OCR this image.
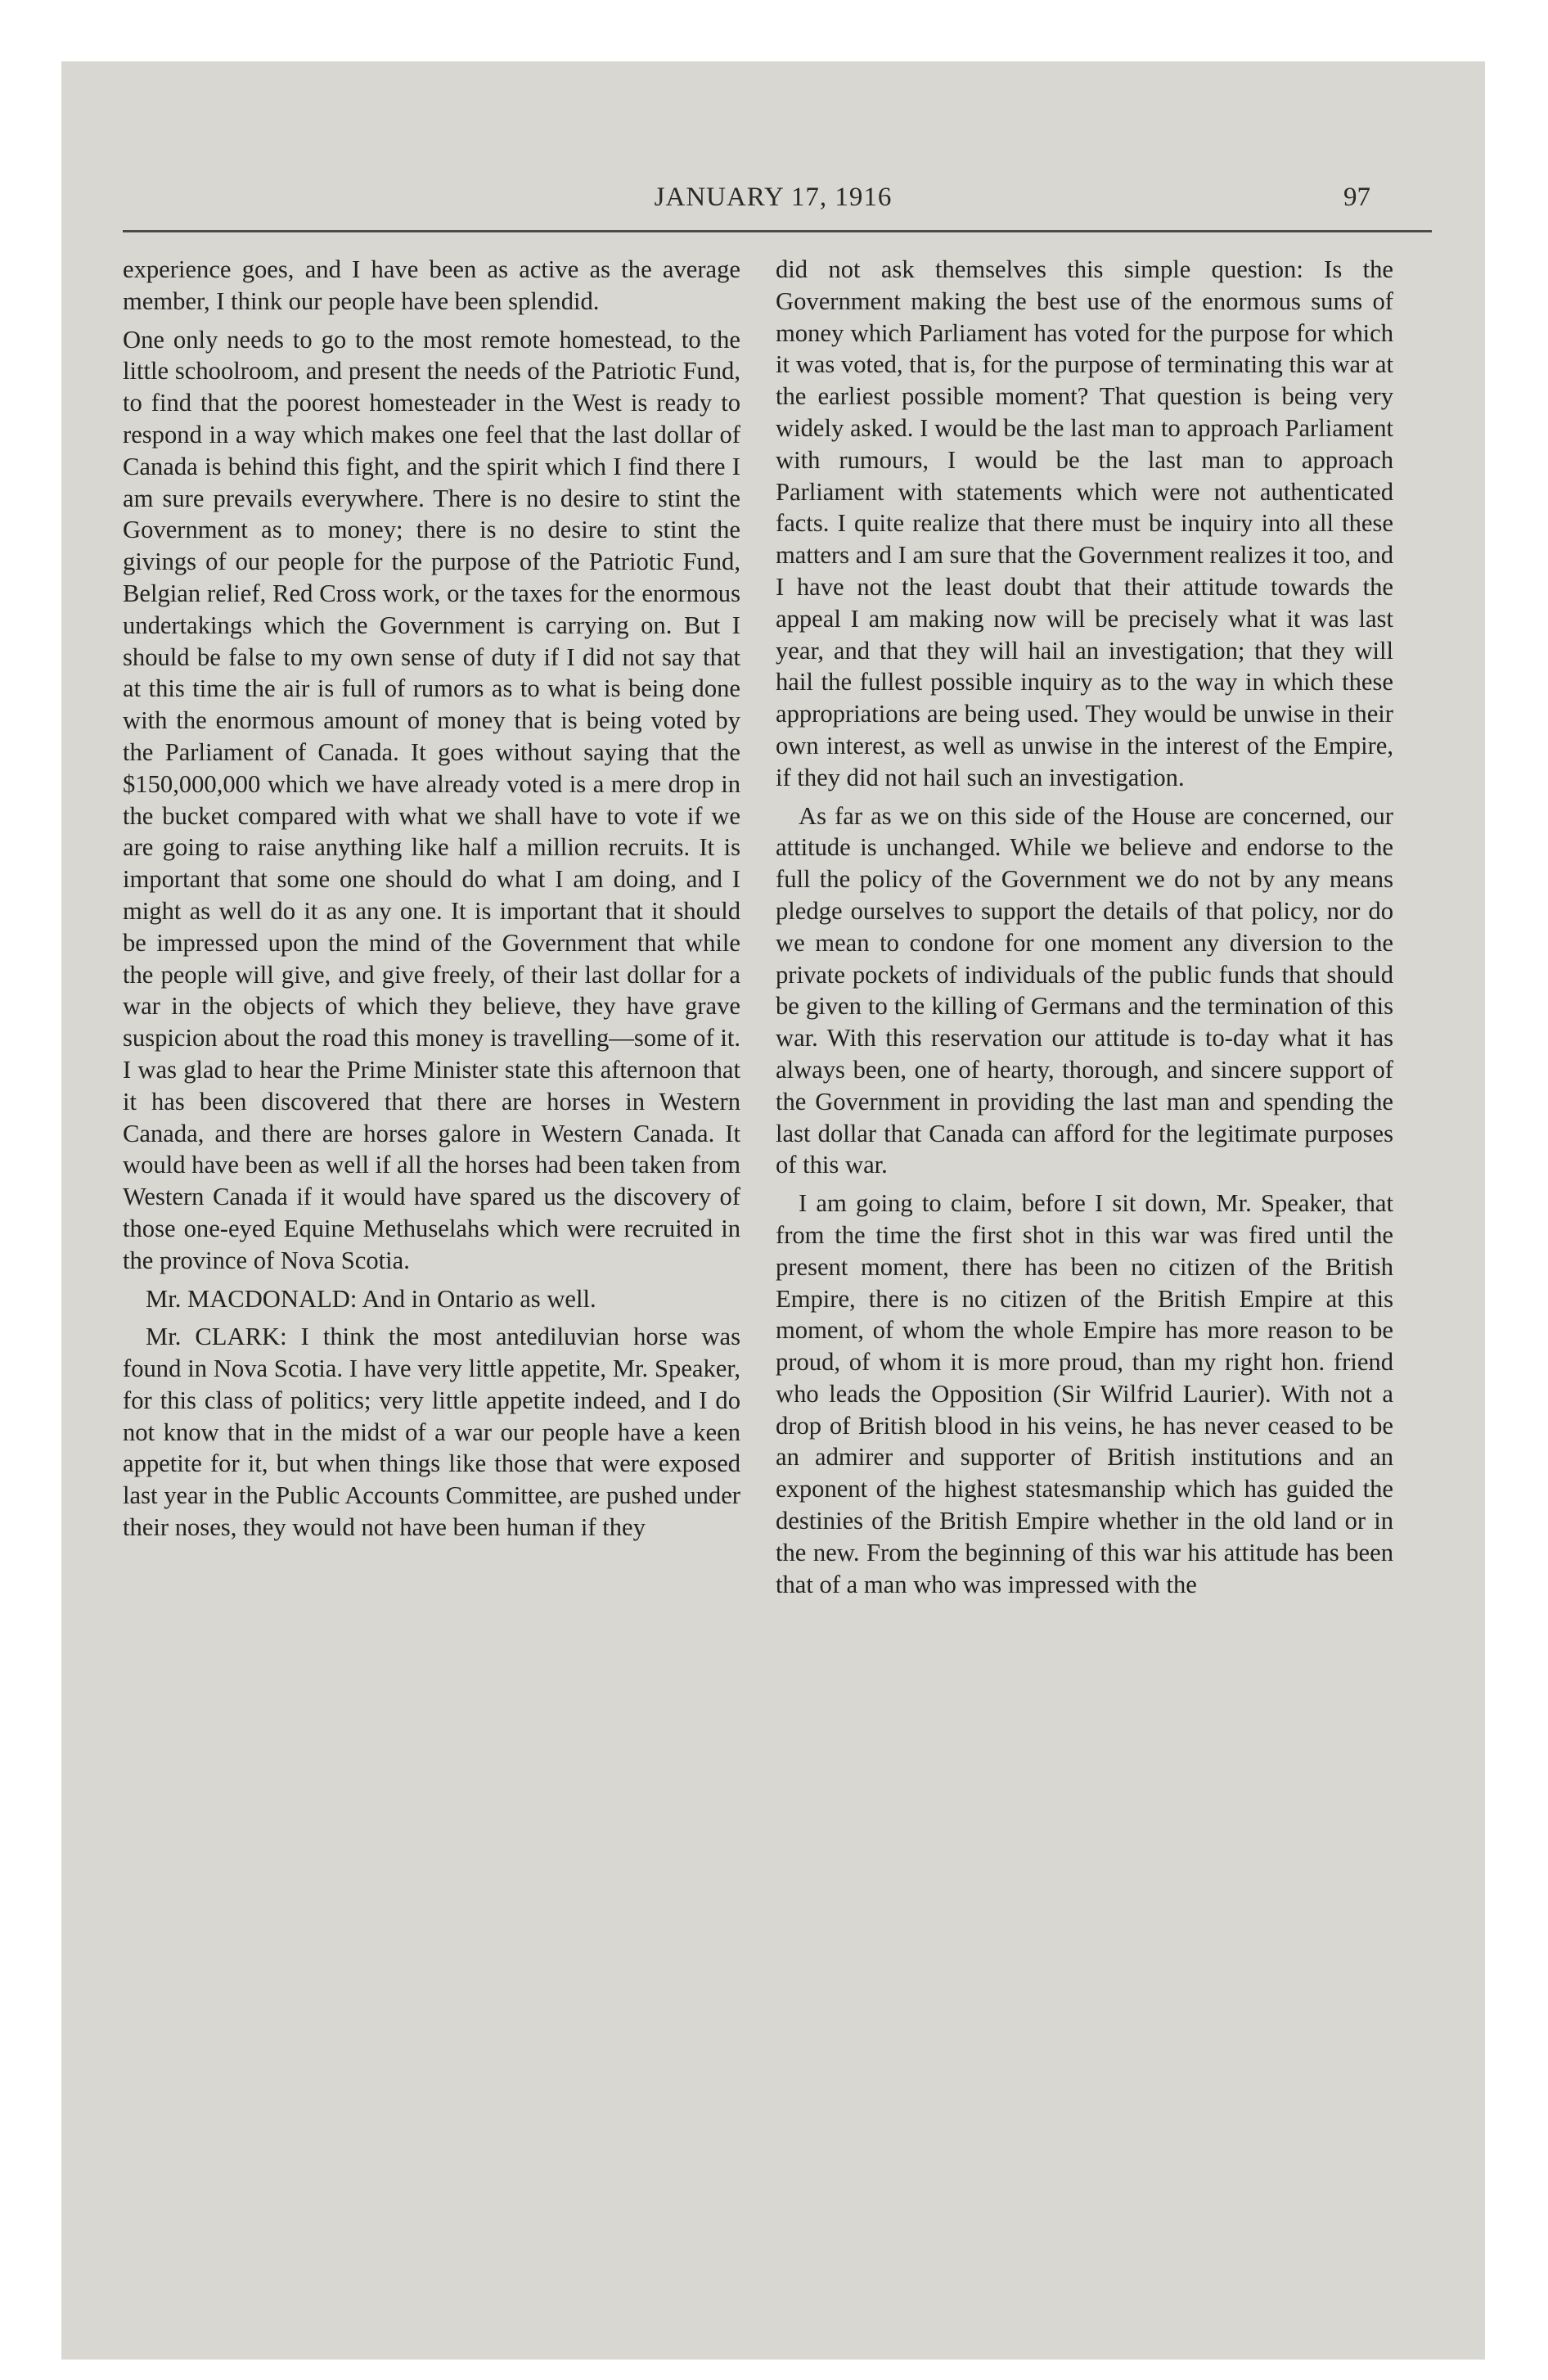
JANUARY 17, 1916	97

experience goes, and I have been as active as the average member, I think our people have been splendid.

One only needs to go to the most remote homestead, to the little schoolroom, and present the needs of the Patriotic Fund, to find that the poorest homesteader in the West is ready to respond in a way which makes one feel that the last dollar of Canada is behind this fight, and the spirit which I find there I am sure prevails everywhere. There is no desire to stint the Government as to money; there is no desire to stint the givings of our people for the purpose of the Patriotic Fund, Belgian relief, Red Cross work, or the taxes for the enormous undertakings which the Government is carrying on. But I should be false to my own sense of duty if I did not say that at this time the air is full of rumors as to what is being done with the enormous amount of money that is being voted by the Parliament of Canada. It goes without saying that the $150,000,000 which we have already voted is a mere drop in the bucket compared with what we shall have to vote if we are going to raise anything like half a million recruits. It is important that some one should do what I am doing, and I might as well do it as any one. It is important that it should be impressed upon the mind of the Government that while the people will give, and give freely, of their last dollar for a war in the objects of which they believe, they have grave suspicion about the road this money is travelling—some of it. I was glad to hear the Prime Minister state this afternoon that it has been discovered that there are horses in Western Canada, and there are horses galore in Western Canada. It would have been as well if all the horses had been taken from Western Canada if it would have spared us the discovery of those one-eyed Equine Methuselahs which were recruited in the province of Nova Scotia.

Mr. MACDONALD: And in Ontario as well.

Mr. CLARK: I think the most antediluvian horse was found in Nova Scotia. I have very little appetite, Mr. Speaker, for this class of politics; very little appetite indeed, and I do not know that in the midst of a war our people have a keen appetite for it, but when things like those that were exposed last year in the Public Accounts Committee, are pushed under their noses, they would not have been human if they

did not ask themselves this simple question: Is the Government making the best use of the enormous sums of money which Parliament has voted for the purpose for which it was voted, that is, for the purpose of terminating this war at the earliest possible moment? That question is being very widely asked. I would be the last man to approach Parliament with rumours, I would be the last man to approach Parliament with statements which were not authenticated facts. I quite realize that there must be inquiry into all these matters and I am sure that the Government realizes it too, and I have not the least doubt that their attitude towards the appeal I am making now will be precisely what it was last year, and that they will hail an investigation; that they will hail the fullest possible inquiry as to the way in which these appropriations are being used. They would be unwise in their own interest, as well as unwise in the interest of the Empire, if they did not hail such an investigation.

As far as we on this side of the House are concerned, our attitude is unchanged. While we believe and endorse to the full the policy of the Government we do not by any means pledge ourselves to support the details of that policy, nor do we mean to condone for one moment any diversion to the private pockets of individuals of the public funds that should be given to the killing of Germans and the termination of this war. With this reservation our attitude is to-day what it has always been, one of hearty, thorough, and sincere support of the Government in providing the last man and spending the last dollar that Canada can afford for the legitimate purposes of this war.

I am going to claim, before I sit down, Mr. Speaker, that from the time the first shot in this war was fired until the present moment, there has been no citizen of the British Empire, there is no citizen of the British Empire at this moment, of whom the whole Empire has more reason to be proud, of whom it is more proud, than my right hon. friend who leads the Opposition (Sir Wilfrid Laurier). With not a drop of British blood in his veins, he has never ceased to be an admirer and supporter of British institutions and an exponent of the highest statesmanship which has guided the destinies of the British Empire whether in the old land or in the new. From the beginning of this war his attitude has been that of a man who was impressed with the
